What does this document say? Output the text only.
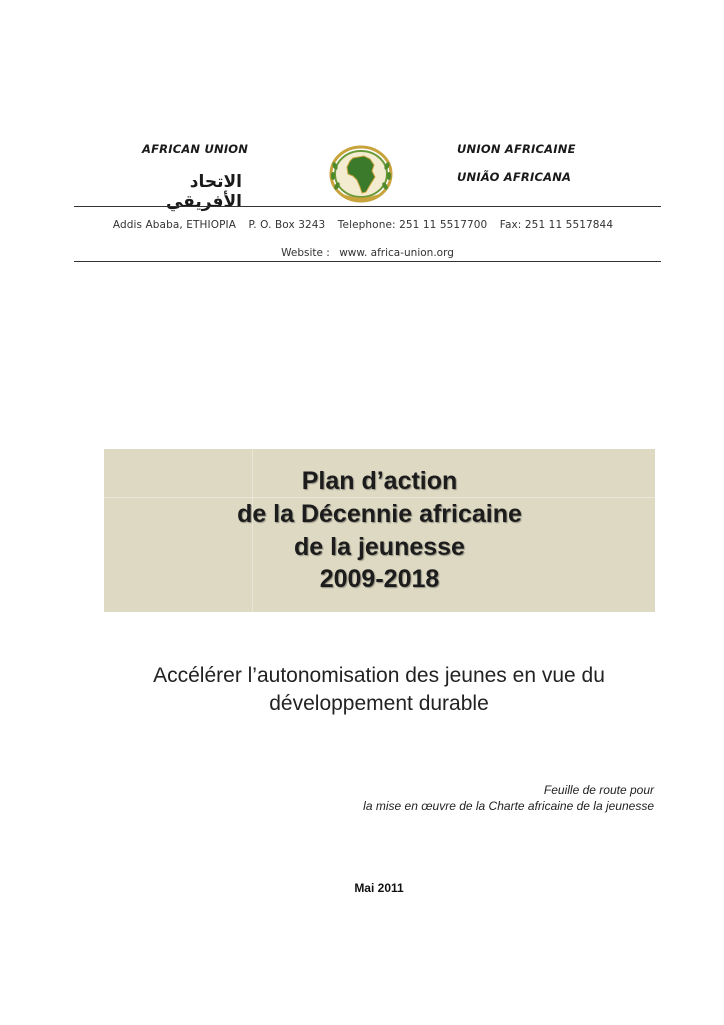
AFRICAN UNION
الاتحاد الأفريقي
UNION AFRICAINE
UNIÃO AFRICANA
Addis Ababa, ETHIOPIA P. O. Box 3243 Telephone: 251 11 5517700 Fax: 251 11 5517844
Website : www. africa-union.org
Plan d’action
de la Décennie africaine
de la jeunesse
2009-2018
Accélérer l’autonomisation des jeunes en vue du
développement durable
Feuille de route pour
la mise en œuvre de la Charte africaine de la jeunesse
Mai 2011
